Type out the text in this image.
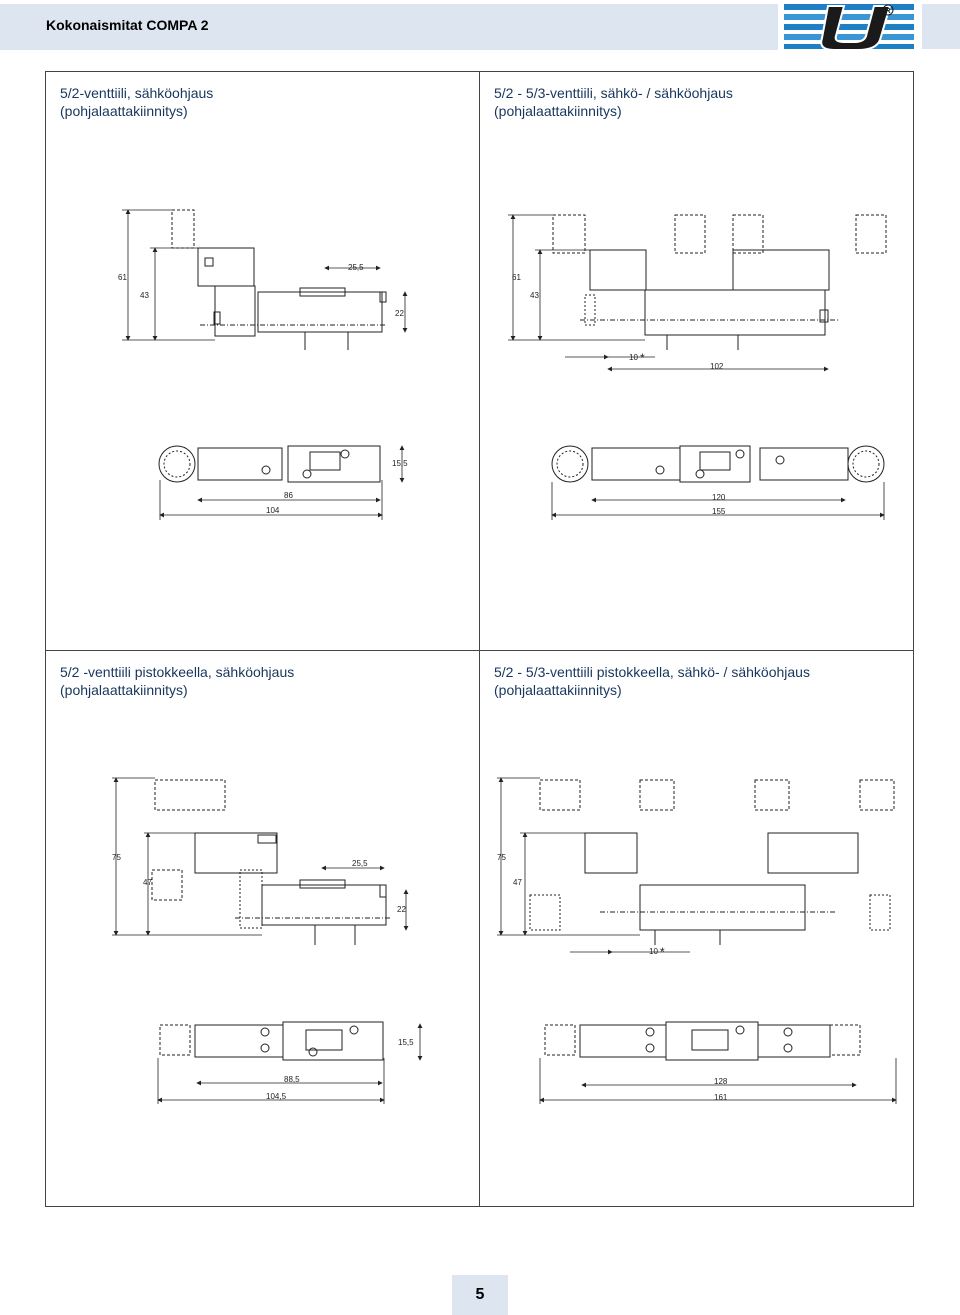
Kokonaismitat COMPA 2
R
5/2-venttiili, sähköohjaus
(pohjalaattakiinnitys)
5/2 - 5/3-venttiili, sähkö- / sähköohjaus
(pohjalaattakiinnitys)
5/2 -venttiili pistokkeella, sähköohjaus
(pohjalaattakiinnitys)
5/2 - 5/3-venttiili pistokkeella, sähkö- / sähköohjaus
(pohjalaattakiinnitys)
61
43
25,5
22
86
104
15,5
61
43
10 *
102
120
155
75
47
25,5
22
88,5
104,5
15,5
75
47
10 *
128
161
5
